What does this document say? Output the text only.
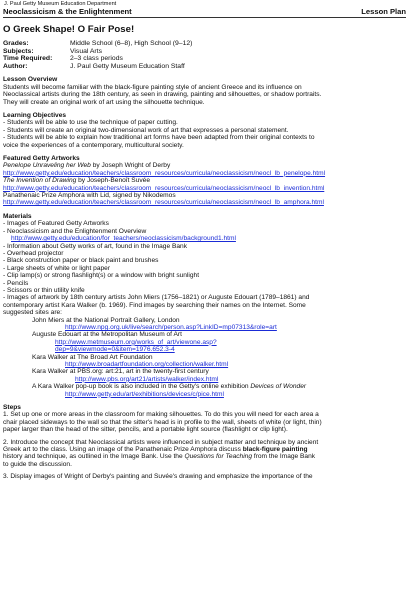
J. Paul Getty Museum Education Department
Neoclassicism & the Enlightenment	Lesson Plan
O Greek Shape! O Fair Pose!
Grades:	Middle School (6–8), High School (9–12)
Subjects:	Visual Arts
Time Required:	2–3 class periods
Author:	J. Paul Getty Museum Education Staff
Lesson Overview
Students will become familiar with the black-figure painting style of ancient Greece and its influence on
Neoclassical artists during the 18th century, as seen in drawing, painting and silhouettes, or shadow portraits.
They will create an original work of art using the silhouette technique.
Learning Objectives
- Students will be able to use the technique of paper cutting.
- Students will create an original two-dimensional work of art that expresses a personal statement.
- Students will be able to explain how traditional art forms have been adapted from their original contexts to
voice the experiences of a contemporary, multicultural society.
Featured Getty Artworks
Penelope Unraveling her Web by Joseph Wright of Derby
http://www.getty.edu/education/teachers/classroom_resources/curricula/neoclassicism/neocl_lb_penelope.html
The Invention of Drawing by Joseph-Benoît Suvée
http://www.getty.edu/education/teachers/classroom_resources/curricula/neoclassicism/neocl_lb_invention.html
Panathenaic Prize Amphora with Lid, signed by Nikodemos
http://www.getty.edu/education/teachers/classroom_resources/curricula/neoclassicism/neocl_lb_amphora.html
Materials
- Images of Featured Getty Artworks
- Neoclassicism and the Enlightenment Overview
http://www.getty.edu/education/for_teachers/neoclassicism/background1.html
- Information about Getty works of art, found in the Image Bank
- Overhead projector
- Black construction paper or black paint and brushes
- Large sheets of white or light paper
- Clip lamp(s) or strong flashlight(s) or a window with bright sunlight
- Pencils
- Scissors or thin utility knife
- Images of artwork by 18th century artists John Miers (1756–1821) or Auguste Edouart (1789–1861) and
contemporary artist Kara Walker (b. 1969). Find images by searching their names on the Internet. Some
suggested sites are:
John Miers at the National Portrait Gallery, London
http://www.npg.org.uk/live/search/person.asp?LinkID=mp07313&role=art
Auguste Edouart at the Metropolitan Museum of Art
http://www.metmuseum.org/works_of_art/viewone.asp?
dep=9&viewmode=0&item=1976.652.3-4
Kara Walker at The Broad Art Foundation
http://www.broadartfoundation.org/collection/walker.html
Kara Walker at PBS.org: art:21, art in the twenty-first century
http://www.pbs.org/art21/artists/walker/index.html
A Kara Walker pop-up book is also included in the Getty's online exhibition Devices of Wonder
http://www.getty.edu/art/exhibitions/devices/c/pice.html
Steps
1. Set up one or more areas in the classroom for making silhouettes. To do this you will need for each area a
chair placed sideways to the wall so that the sitter's head is in profile to the wall, sheets of white (or light, thin)
paper larger than the head of the sitter, pencils, and a portable light source (flashlight or clip light).
2. Introduce the concept that Neoclassical artists were influenced in subject matter and technique by ancient
Greek art to the class. Using an image of the Panathenaic Prize Amphora discuss black-figure painting
history and technique, as outlined in the Image Bank. Use the Questions for Teaching from the Image Bank
to guide the discussion.
3. Display images of Wright of Derby's painting and Suvée's drawing and emphasize the importance of the
